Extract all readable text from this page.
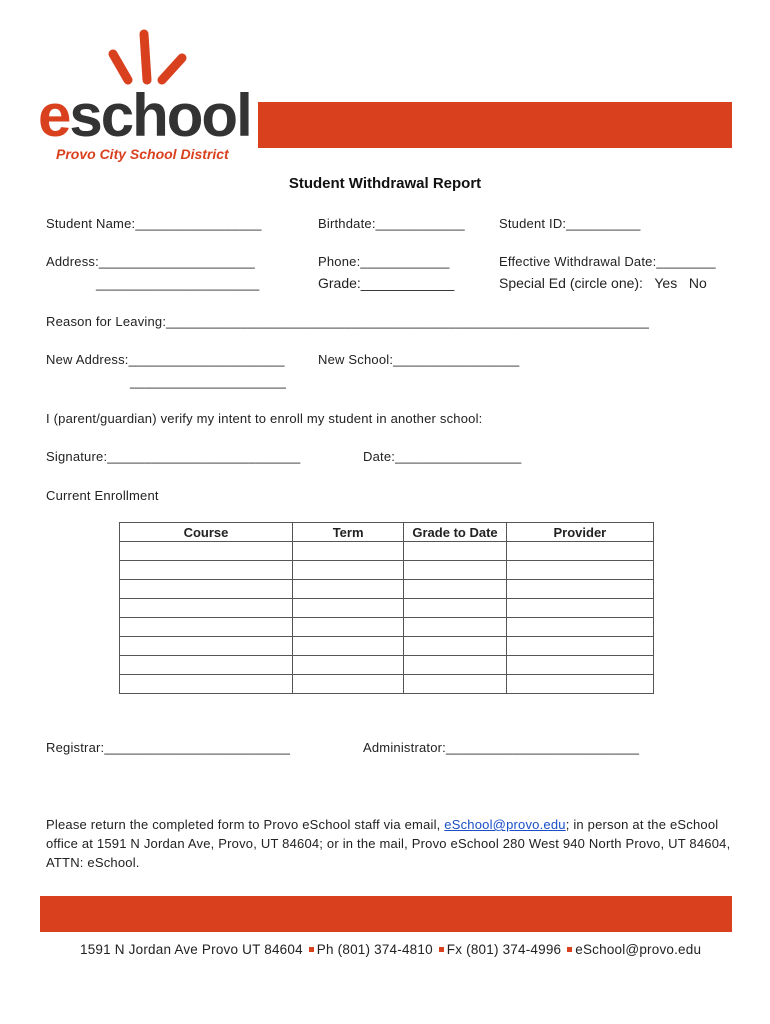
eschool
Provo City School District
Student Withdrawal Report
Student Name:_________________	Birthdate:____________	Student ID:__________
Address:_____________________
______________________
Phone:____________
Grade:____________
Effective Withdrawal Date:________
Special Ed (circle one):   Yes   No
Reason for Leaving:_________________________________________________________________
New Address:_____________________
_____________________
New School:_________________
I (parent/guardian) verify my intent to enroll my student in another school:
Signature:__________________________	Date:_________________
Current Enrollment
Course	Term	Grade to Date	Provider

Registrar:_________________________	Administrator:__________________________
Please return the completed form to Provo eSchool staff via email, eSchool@provo.edu; in person at the eSchool office at 1591 N Jordan Ave, Provo, UT 84604; or in the mail, Provo eSchool 280 West 940 North Provo, UT 84604, ATTN: eSchool.
1591 N Jordan Ave Provo UT 84604 Ph (801) 374-4810 Fx (801) 374-4996 eSchool@provo.edu
